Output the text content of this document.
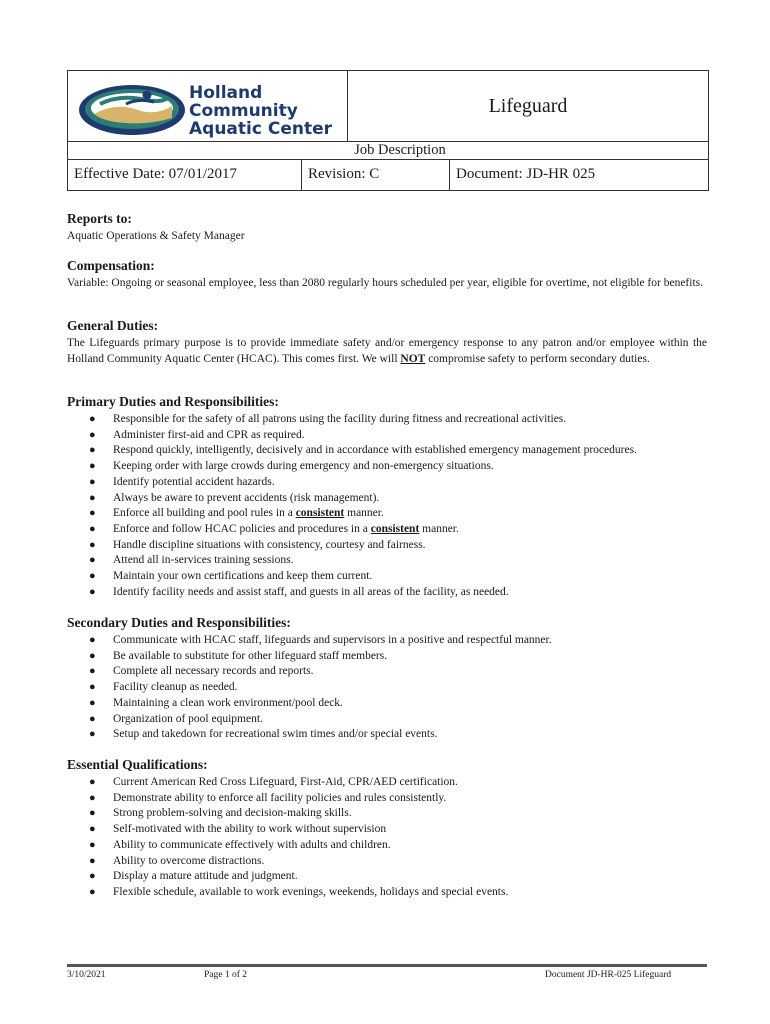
Holland
Community
Aquatic Center
Lifeguard
Job Description
Effective Date: 07/01/2017	Revision: C	Document: JD-HR 025
Reports to:
Aquatic Operations & Safety Manager
Compensation:
Variable: Ongoing or seasonal employee, less than 2080 regularly hours scheduled per year, eligible for overtime, not eligible for benefits.
General Duties:
The Lifeguards primary purpose is to provide immediate safety and/or emergency response to any patron and/or employee within the Holland Community Aquatic Center (HCAC). This comes first. We will NOT compromise safety to perform secondary duties.
Primary Duties and Responsibilities:
● Responsible for the safety of all patrons using the facility during fitness and recreational activities.
● Administer first-aid and CPR as required.
● Respond quickly, intelligently, decisively and in accordance with established emergency management procedures.
● Keeping order with large crowds during emergency and non-emergency situations.
● Identify potential accident hazards.
● Always be aware to prevent accidents (risk management).
● Enforce all building and pool rules in a consistent manner.
● Enforce and follow HCAC policies and procedures in a consistent manner.
● Handle discipline situations with consistency, courtesy and fairness.
● Attend all in-services training sessions.
● Maintain your own certifications and keep them current.
● Identify facility needs and assist staff, and guests in all areas of the facility, as needed.
Secondary Duties and Responsibilities:
● Communicate with HCAC staff, lifeguards and supervisors in a positive and respectful manner.
● Be available to substitute for other lifeguard staff members.
● Complete all necessary records and reports.
● Facility cleanup as needed.
● Maintaining a clean work environment/pool deck.
● Organization of pool equipment.
● Setup and takedown for recreational swim times and/or special events.
Essential Qualifications:
● Current American Red Cross Lifeguard, First-Aid, CPR/AED certification.
● Demonstrate ability to enforce all facility policies and rules consistently.
● Strong problem-solving and decision-making skills.
● Self-motivated with the ability to work without supervision
● Ability to communicate effectively with adults and children.
● Ability to overcome distractions.
● Display a mature attitude and judgment.
● Flexible schedule, available to work evenings, weekends, holidays and special events.
3/10/2021	Page 1 of 2	Document JD-HR-025 Lifeguard
